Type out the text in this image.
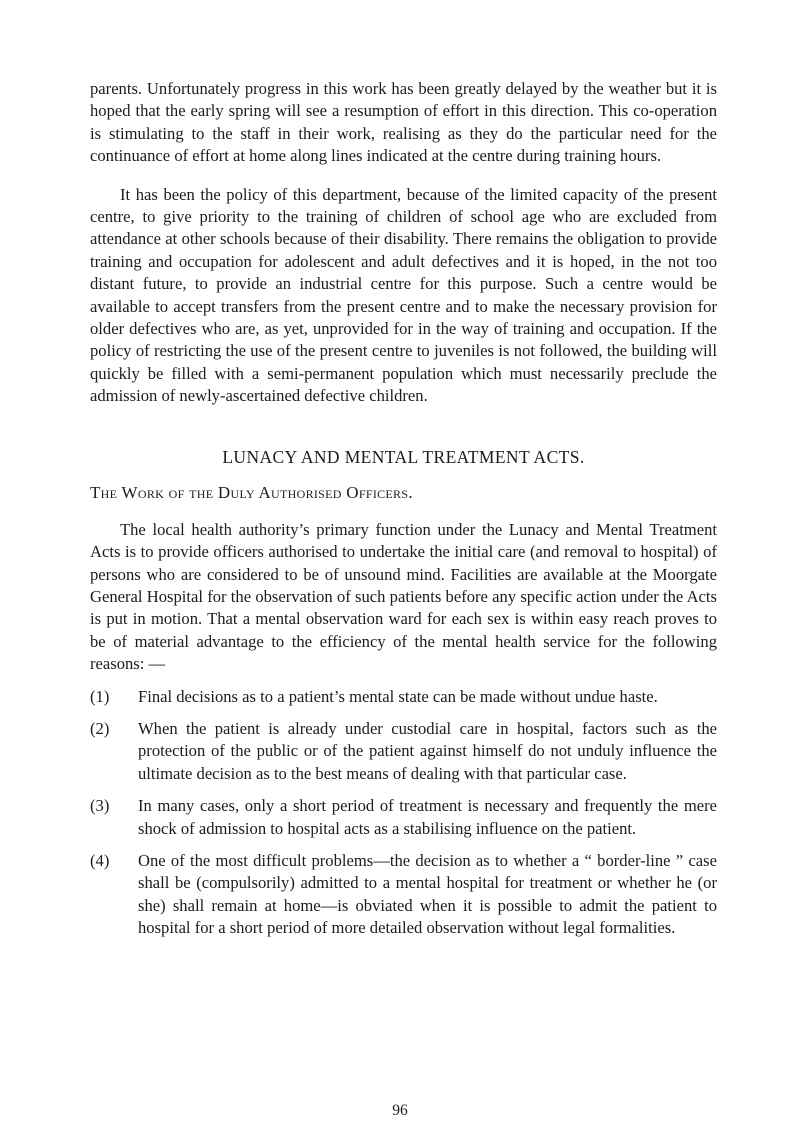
parents. Unfortunately progress in this work has been greatly delayed by the weather but it is hoped that the early spring will see a resumption of effort in this direction. This co-operation is stimulating to the staff in their work, realising as they do the particular need for the continuance of effort at home along lines indicated at the centre during training hours.

It has been the policy of this department, because of the limited capacity of the present centre, to give priority to the training of children of school age who are excluded from attendance at other schools because of their disability. There remains the obligation to provide training and occupation for adolescent and adult defectives and it is hoped, in the not too distant future, to provide an industrial centre for this purpose. Such a centre would be available to accept transfers from the present centre and to make the necessary provision for older defectives who are, as yet, unprovided for in the way of training and occupation. If the policy of restricting the use of the present centre to juveniles is not followed, the building will quickly be filled with a semi-permanent population which must necessarily preclude the admission of newly-ascertained defective children.

LUNACY AND MENTAL TREATMENT ACTS.
The Work of the Duly Authorised Officers.

The local health authority’s primary function under the Lunacy and Mental Treatment Acts is to provide officers authorised to undertake the initial care (and removal to hospital) of persons who are considered to be of unsound mind. Facilities are available at the Moorgate General Hospital for the observation of such patients before any specific action under the Acts is put in motion. That a mental observation ward for each sex is within easy reach proves to be of material advantage to the efficiency of the mental health service for the following reasons: —

(1) Final decisions as to a patient’s mental state can be made without undue haste.
(2) When the patient is already under custodial care in hospital, factors such as the protection of the public or of the patient against himself do not unduly influence the ultimate decision as to the best means of dealing with that particular case.
(3) In many cases, only a short period of treatment is necessary and frequently the mere shock of admission to hospital acts as a stabilising influence on the patient.
(4) One of the most difficult problems—the decision as to whether a “ border-line ” case shall be (compulsorily) admitted to a mental hospital for treatment or whether he (or she) shall remain at home—is obviated when it is possible to admit the patient to hospital for a short period of more detailed observation without legal formalities.
96
